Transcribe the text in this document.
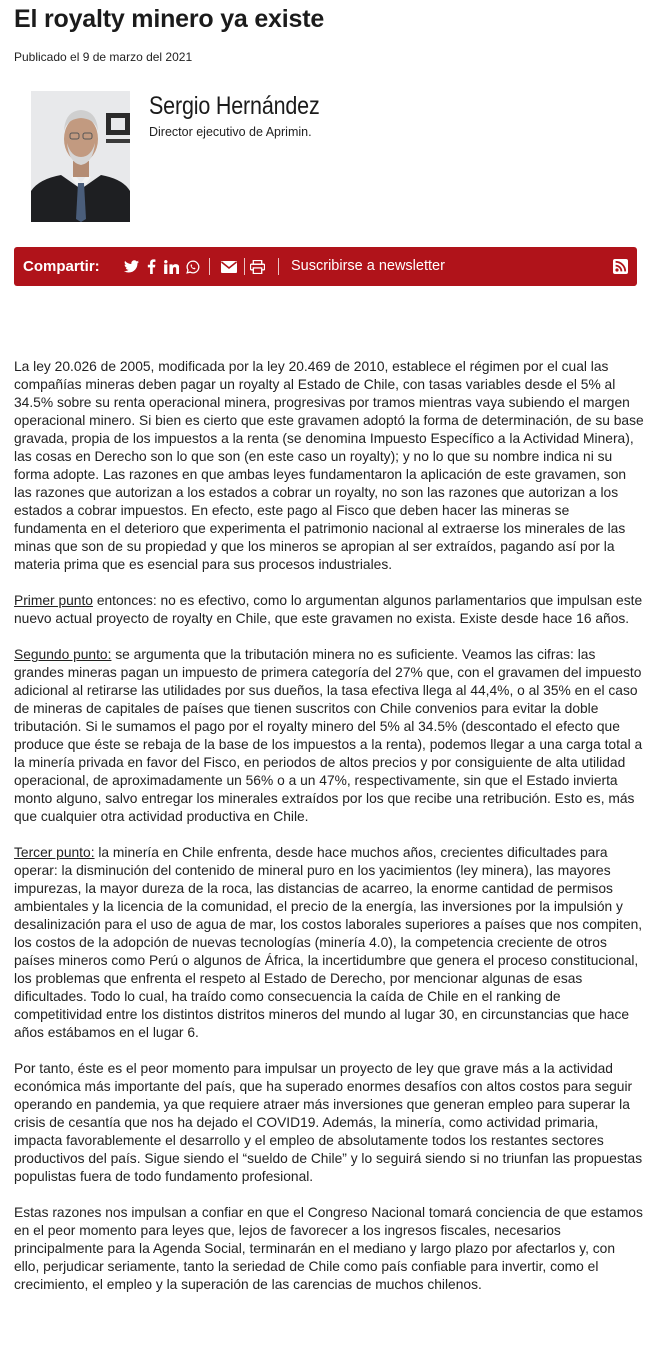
El royalty minero ya existe
Publicado el 9 de marzo del 2021
Sergio Hernández
Director ejecutivo de Aprimin.
Compartir:	Suscribirse a newsletter

La ley 20.026 de 2005, modificada por la ley 20.469 de 2010, establece el régimen por el cual las compañías mineras deben pagar un royalty al Estado de Chile, con tasas variables desde el 5% al 34.5% sobre su renta operacional minera, progresivas por tramos mientras vaya subiendo el margen operacional minero. Si bien es cierto que este gravamen adoptó la forma de determinación, de su base gravada, propia de los impuestos a la renta (se denomina Impuesto Específico a la Actividad Minera), las cosas en Derecho son lo que son (en este caso un royalty); y no lo que su nombre indica ni su forma adopte. Las razones en que ambas leyes fundamentaron la aplicación de este gravamen, son las razones que autorizan a los estados a cobrar un royalty, no son las razones que autorizan a los estados a cobrar impuestos. En efecto, este pago al Fisco que deben hacer las mineras se fundamenta en el deterioro que experimenta el patrimonio nacional al extraerse los minerales de las minas que son de su propiedad y que los mineros se apropian al ser extraídos, pagando así por la materia prima que es esencial para sus procesos industriales.

Primer punto entonces: no es efectivo, como lo argumentan algunos parlamentarios que impulsan este nuevo actual proyecto de royalty en Chile, que este gravamen no exista. Existe desde hace 16 años.

Segundo punto: se argumenta que la tributación minera no es suficiente. Veamos las cifras: las grandes mineras pagan un impuesto de primera categoría del 27% que, con el gravamen del impuesto adicional al retirarse las utilidades por sus dueños, la tasa efectiva llega al 44,4%, o al 35% en el caso de mineras de capitales de países que tienen suscritos con Chile convenios para evitar la doble tributación. Si le sumamos el pago por el royalty minero del 5% al 34.5% (descontado el efecto que produce que éste se rebaja de la base de los impuestos a la renta), podemos llegar a una carga total a la minería privada en favor del Fisco, en periodos de altos precios y por consiguiente de alta utilidad operacional, de aproximadamente un 56% o a un 47%, respectivamente, sin que el Estado invierta monto alguno, salvo entregar los minerales extraídos por los que recibe una retribución. Esto es, más que cualquier otra actividad productiva en Chile.

Tercer punto: la minería en Chile enfrenta, desde hace muchos años, crecientes dificultades para operar: la disminución del contenido de mineral puro en los yacimientos (ley minera), las mayores impurezas, la mayor dureza de la roca, las distancias de acarreo, la enorme cantidad de permisos ambientales y la licencia de la comunidad, el precio de la energía, las inversiones por la impulsión y desalinización para el uso de agua de mar, los costos laborales superiores a países que nos compiten, los costos de la adopción de nuevas tecnologías (minería 4.0), la competencia creciente de otros países mineros como Perú o algunos de África, la incertidumbre que genera el proceso constitucional, los problemas que enfrenta el respeto al Estado de Derecho, por mencionar algunas de esas dificultades. Todo lo cual, ha traído como consecuencia la caída de Chile en el ranking de competitividad entre los distintos distritos mineros del mundo al lugar 30, en circunstancias que hace años estábamos en el lugar 6.

Por tanto, éste es el peor momento para impulsar un proyecto de ley que grave más a la actividad económica más importante del país, que ha superado enormes desafíos con altos costos para seguir operando en pandemia, ya que requiere atraer más inversiones que generan empleo para superar la crisis de cesantía que nos ha dejado el COVID19. Además, la minería, como actividad primaria, impacta favorablemente el desarrollo y el empleo de absolutamente todos los restantes sectores productivos del país. Sigue siendo el “sueldo de Chile” y lo seguirá siendo si no triunfan las propuestas populistas fuera de todo fundamento profesional.

Estas razones nos impulsan a confiar en que el Congreso Nacional tomará conciencia de que estamos en el peor momento para leyes que, lejos de favorecer a los ingresos fiscales, necesarios principalmente para la Agenda Social, terminarán en el mediano y largo plazo por afectarlos y, con ello, perjudicar seriamente, tanto la seriedad de Chile como país confiable para invertir, como el crecimiento, el empleo y la superación de las carencias de muchos chilenos.
